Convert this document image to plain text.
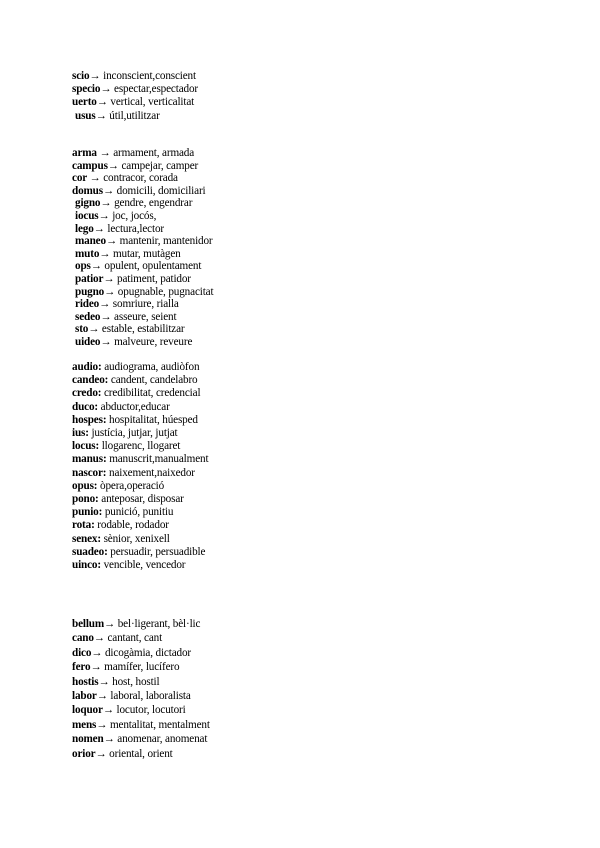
scio→ inconscient,conscient
specio→ espectar,espectador
uerto→ vertical, verticalitat
usus→ útil,utilitzar
arma → armament, armada
campus→ campejar, camper
cor → contracor, corada
domus→ domicili, domiciliari
gigno→ gendre, engendrar
iocus→ joc, jocós,
lego→ lectura,lector
maneo→ mantenir, mantenidor
muto→ mutar, mutàgen
ops→ opulent, opulentament
patior→ patiment, patidor
pugno→ opugnable, pugnacitat
rideo→ somriure, rialla
sedeo→ asseure, seient
sto→ estable, estabilitzar
uideo→ malveure, reveure
audio: audiograma, audiòfon
candeo: candent, candelabro
credo: credibilitat, credencial
duco: abductor,educar
hospes: hospitalitat, húesped
ius: justícia, jutjar, jutjat
locus: llogarenc, llogaret
manus: manuscrit,manualment
nascor: naixement,naixedor
opus: òpera,operació
pono: anteposar, disposar
punio: punició, punitiu
rota: rodable, rodador
senex: sènior, xenixell
suadeo: persuadir, persuadible
uinco: vencible, vencedor
bellum→ bel·ligerant, bèl·lic
cano→ cantant, cant
dico→ dicogàmia, dictador
fero→ mamífer, lucífero
hostis→ host, hostil
labor→ laboral, laboralista
loquor→ locutor, locutori
mens→ mentalitat, mentalment
nomen→ anomenar, anomenat
orior→ oriental, orient
